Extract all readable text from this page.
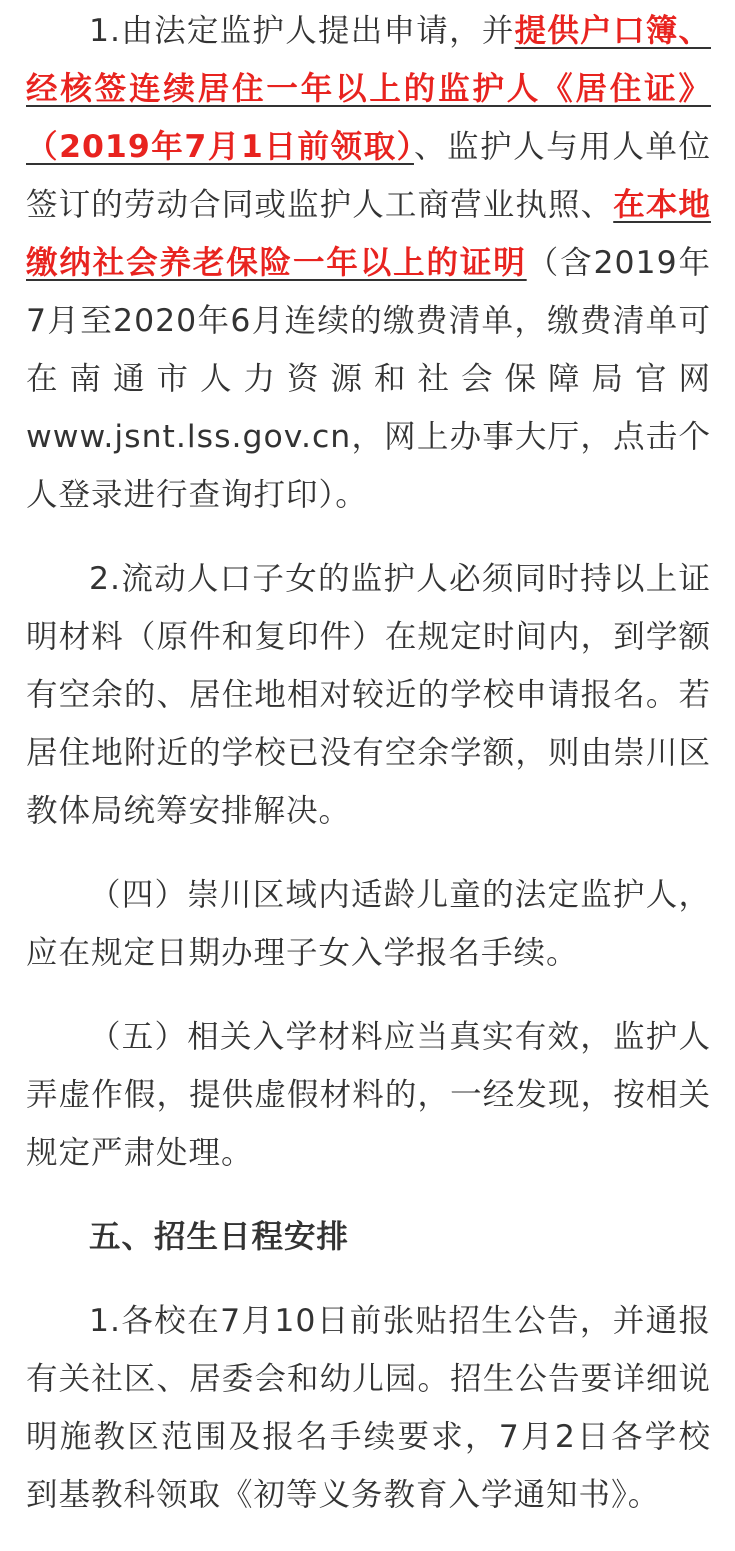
1.由法定监护人提出申请，并提供户口簿、经核签连续居住一年以上的监护人《居住证》（2019年7月1日前领取）、监护人与用人单位签订的劳动合同或监护人工商营业执照、在本地缴纳社会养老保险一年以上的证明（含2019年7月至2020年6月连续的缴费清单，缴费清单可在南通市人力资源和社会保障局官网www.jsnt.lss.gov.cn，网上办事大厅，点击个人登录进行查询打印）。

2.流动人口子女的监护人必须同时持以上证明材料（原件和复印件）在规定时间内，到学额有空余的、居住地相对较近的学校申请报名。若居住地附近的学校已没有空余学额，则由崇川区教体局统筹安排解决。

（四）崇川区域内适龄儿童的法定监护人，应在规定日期办理子女入学报名手续。

（五）相关入学材料应当真实有效，监护人弄虚作假，提供虚假材料的，一经发现，按相关规定严肃处理。

五、招生日程安排

1.各校在7月10日前张贴招生公告，并通报有关社区、居委会和幼儿园。招生公告要详细说明施教区范围及报名手续要求，7月2日各学校到基教科领取《初等义务教育入学通知书》。
